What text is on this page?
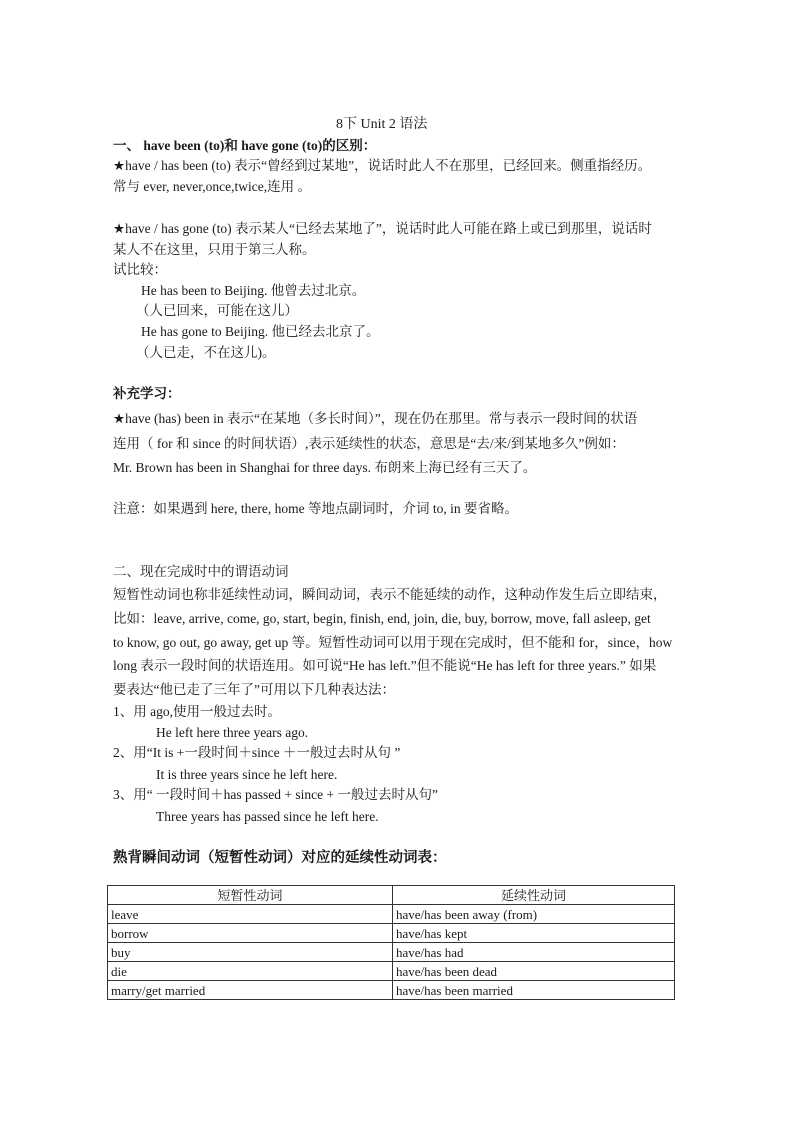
8下 Unit 2 语法
一、 have been (to)和 have gone (to)的区别：
★have / has been (to) 表示“曾经到过某地”，说话时此人不在那里，已经回来。侧重指经历。
常与 ever, never,once,twice,连用 。
★have / has gone (to) 表示某人“已经去某地了”，说话时此人可能在路上或已到那里，说话时
某人不在这里，只用于第三人称。
试比较：
He has been to Beijing. 他曾去过北京。
（人已回来，可能在这儿）
He has gone to Beijing. 他已经去北京了。
（人已走，不在这儿)。
补充学习：
★have (has) been in 表示“在某地（多长时间）”，现在仍在那里。常与表示一段时间的状语
连用（ for 和 since 的时间状语）,表示延续性的状态，意思是“去/来/到某地多久”例如：
Mr. Brown has been in Shanghai for three days. 布朗来上海已经有三天了。
注意：如果遇到 here, there, home 等地点副词时，介词 to, in 要省略。
二、现在完成时中的谓语动词
短暂性动词也称非延续性动词，瞬间动词，表示不能延续的动作，这种动作发生后立即结束，
比如：leave, arrive, come, go, start, begin, finish, end, join, die, buy, borrow, move, fall asleep, get
to know, go out, go away, get up 等。短暂性动词可以用于现在完成时，但不能和 for，since，how
long 表示一段时间的状语连用。如可说“He has left.”但不能说“He has left for three years.” 如果
要表达“他已走了三年了”可用以下几种表达法：
1、用 ago,使用一般过去时。
He left here three years ago.
2、用“It is +一段时间＋since ＋一般过去时从句 ”
It is three years since he left here.
3、用“ 一段时间＋has passed + since + 一般过去时从句”
Three years has passed since he left here.
熟背瞬间动词（短暂性动词）对应的延续性动词表：
短暂性动词	延续性动词
leave	have/has been away (from)
borrow	have/has kept
buy	have/has had
die	have/has been dead
marry/get married	have/has been married
